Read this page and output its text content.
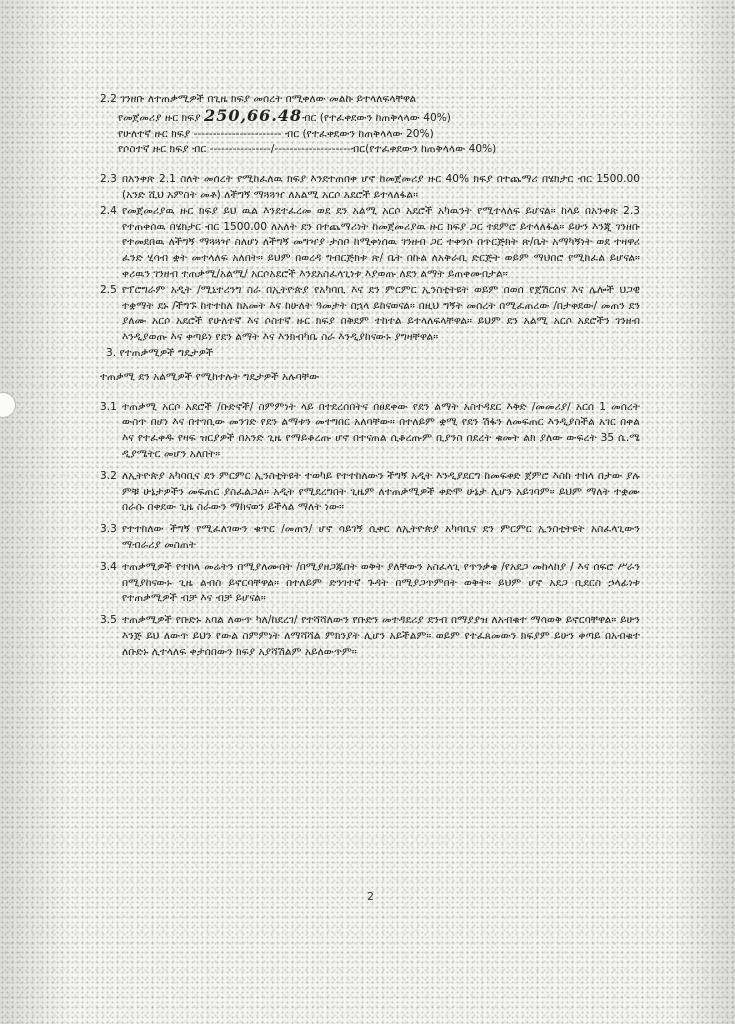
2.2 ገንዘቡ ለተጠቃሚዎች በጊዜ ክፍያ መሰረት በሚቀለው መልኩ ይተላለፍላቸዋል
የመጀመሪያ ዙር ክፍያ 250,66.48ብር (የተፈቀደውን ከጠቅላላው 40%)
የሁለተኛ ዙር ክፍያ ----------------------- ብር (የተፈቀደውን ከጠቅላላው 20%)
የሶስተኛ ዙር ክፍያ ብር ----------------/--------------------ብር(የተፈቀደውን ከጠቅላላው 40%)
2.3 በአንቀጽ 2.1 ስለት መሰረት የሚከፈለዉ ክፍያ እንደተጠበቀ ሆኖ ከመጀመሪያ ዙር 40% ክፍያ በተጨማሪ በሄክታር ብር 1500.00 (አንድ ሺህ አምስት መቶ) ለችግኝ ማጓጓዣ ለአልሚ አርሶ አደሮች ይተላለፋል።

2.4 የመጀመሪያዉ ዙር ክፍያ ይህ ዉል እንደተፈረመ ወደ ደን አልሚ አርሶ አደሮች አካዉንት የሚተላለፍ ይሆናል። ከላይ በአንቀጽ 2.3 የተጠቀሰዉ በሄክታር ብር 1500.00 ለአለት ደን በተጨማሪነት ከመጀመሪያዉ ዙር ክፍያ ጋር ተደምሮ ይተላለፋል። ይሁን እንጂ ገንዘቡ የተመደበዉ ለችግኝ ማጓጓዣ ስለሆነ ለችግኝ መግዣያ ታስቦ ከሚቀነሰዉ ገንዘብ ጋር ተቀንሶ በጥርጅክት ጽ/ቤት አማካኝነት ወደ ተዛዋሪ ፈንድ ሂሳብ ቋት መተላለፍ አለበት። ይህም በወረዳ ግብርጅክቱ ጽ/ ቤት በኩል ለአቅራቢ ድርጅት ወይም ማህበሮ የሚከፈል ይሆናል። ቀሪዉን ገንዘብ ተጠቃሚ/አልሚ/ አርሶአደሮች እንደአስፈላጊነቱ እያወጡ ለደን ልማት ይጠቀሙበታል።

2.5 የፕሮግራም አዲት /ሚኒተሪንግ ስራ በኢትዮጵያ የአካባቢ እና ደን ምርምር ኢንስቲትዩት ወይም በወሰ የጀሽርስና እና ሌሎች ህጋዊ ተቋማት ደኑ /ችግኙ ከተተከለ ከአመት እና ከሁለት ዓመታት በኋላ ይከናወናል። በዚህ ግኝት መሰረት በሚፈጠረው /በታቀደው/ መጠን ደን ያለሙ አርሶ አደሮች የሁለተኛ እና ሶስተኛ ዙር ክፍያ በቅደም ተከተል ይተላለፍላቸዋል። ይህም ደን አልሚ አርሶ አደሮችን ገንዘብ እንዲያወጡ እና ቀጣይነ የደን ልማት እና እንክብካቤ ስራ እንዲያከናውኑ ያግዛቸዋል።

3. የተጠቃሚዎች ግዴታዎች
ተጠቃሚ ደን አልሚዎች የሚከተሉት ግዴታዎች አሉባቸው
3.1 ተጠቃሚ አርሶ አደሮች /ቡድኖች/ ስምምነት ላይ በተደረሰበትና በፀደቀው የደን ልማት አስተዳደር እቅድ /መመሪያ/ አርሰ 1 መሰረት ውስጥ በሆነ እና በተገቢው መንገድ የደን ልማቱን መተግበር አለባቸው። በተለይም ቋሚ የደን ሽፋን ለመፍጠር እንዲያስችል አገር በቀል እና የተፈቀዱ የዛፍ ዝርያዎች በአንድ ጊዜ የማይቆረጡ ሆኖ በተናጠል ሲቆረጡም ቢያንስ በደረት ቁመት ልክ ያለው ውፍረት 35 ሴ.ሜ ዲያሜትር መሆን አለበት።

3.2 ለኢትዮጵያ አካባቢና ደን ምርምር ኢንስቲትዩት ተወካይ የተተከለውን ችግኝ አዲት እንዲያደርግ ከመፍቀድ ጀምሮ እስከ ተከላ በታው ያሉ ምቹ ሁኔታዎችን መፍጠር ያስፈልጋል። አዲት የሚደረግበት ጊዜም ለተጠቃሚዎች ቀድሞ ሁኔታ ሊሆን አይገባም። ይህም ማለት ተቋሙ በራሱ በቀደው ጊዜ ስራውን ማከናወን ይችላል ማለት ነው።

3.3 የተተከለው ችግኝ የሚፈለገውን ቁጥር /መጠን/ ሆኖ ሳይገኝ ሲቀር ለኢትዮጵያ አካባቢና ደን ምርምር ኢንስቲትዩት አስፈላጊውን ማብራሪያ መስጠት

3.4 ተጠቃሚዎች የተከላ መሬትን በሚያለሙበት /በሚያዘጋጁበት ወቅት ያለቸውን አስፈላጊ የጥንቃቄ /የአደጋ መከላከያ / እና ሰፍሮ ሥራን በሚያከናውኑ ጊዜ ልብስ ይኖርባቸዋል። በተለይም ድንገተኛ ጉዳት በሚያጋጥምበት ወቅት። ይህም ሆኖ አደጋ ቢደርስ ኃላፊነቱ የተጠቃሚዎች ብቻ እና ብቻ ይሆናል።

3.5 ተጠቃሚዎች የቡድኑ አባል ለውጥ ካለ/ከደረገ/ የተሻሻለውን የቡድን መተዳደሪያ ደንብ በማያያዝ ለአብቁተ ማሳወቅ ይኖርባቸዋል። ይሁን እንጅ ይህ ለውጥ ይህን የውል ስምምነት ለማሻሻል ምክንያት ሊሆን አይችልም። ወይም የተፈጸመውን ክፍያም ይሁን ቀጣይ በአብቁተ ለቡድኑ ሊተላለፍ ቀታሰበውን ክፍያ አያሻሽልም አይለውጥም።

2
